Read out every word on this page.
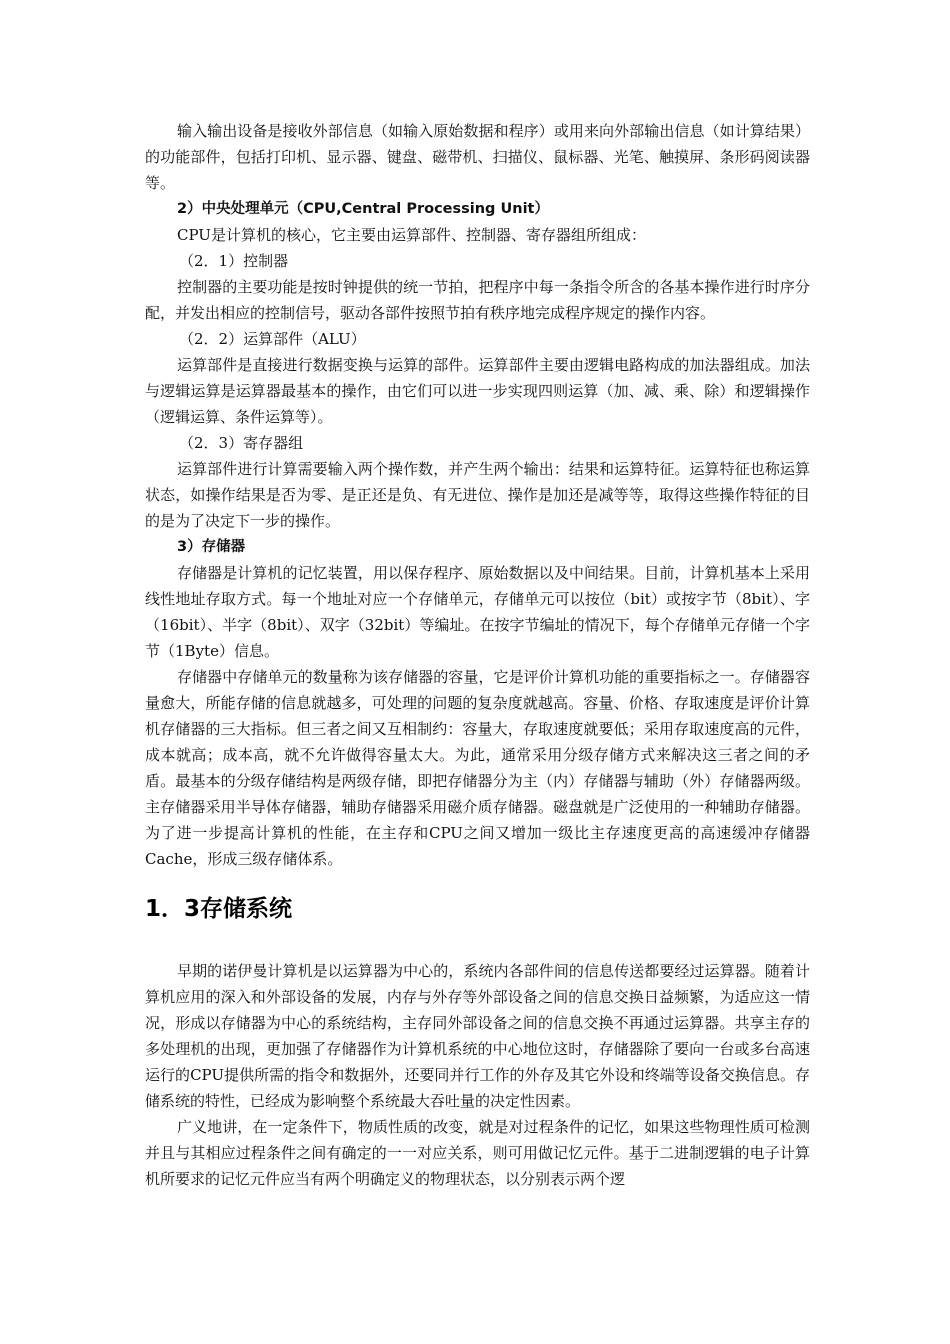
输入输出设备是接收外部信息（如输入原始数据和程序）或用来向外部输出信息（如计算结果）的功能部件，包括打印机、显示器、键盘、磁带机、扫描仪、鼠标器、光笔、触摸屏、条形码阅读器等。
2）中央处理单元（CPU,Central Processing Unit）
CPU是计算机的核心，它主要由运算部件、控制器、寄存器组所组成：
（2．1）控制器
控制器的主要功能是按时钟提供的统一节拍，把程序中每一条指令所含的各基本操作进行时序分配，并发出相应的控制信号，驱动各部件按照节拍有秩序地完成程序规定的操作内容。
（2．2）运算部件（ALU）
运算部件是直接进行数据变换与运算的部件。运算部件主要由逻辑电路构成的加法器组成。加法与逻辑运算是运算器最基本的操作，由它们可以进一步实现四则运算（加、减、乘、除）和逻辑操作（逻辑运算、条件运算等）。
（2．3）寄存器组
运算部件进行计算需要输入两个操作数，并产生两个输出：结果和运算特征。运算特征也称运算状态，如操作结果是否为零、是正还是负、有无进位、操作是加还是减等等，取得这些操作特征的目的是为了决定下一步的操作。
3）存储器
存储器是计算机的记忆装置，用以保存程序、原始数据以及中间结果。目前，计算机基本上采用线性地址存取方式。每一个地址对应一个存储单元，存储单元可以按位（bit）或按字节（8bit）、字（16bit）、半字（8bit）、双字（32bit）等编址。在按字节编址的情况下，每个存储单元存储一个字节（1Byte）信息。
存储器中存储单元的数量称为该存储器的容量，它是评价计算机功能的重要指标之一。存储器容量愈大，所能存储的信息就越多，可处理的问题的复杂度就越高。容量、价格、存取速度是评价计算机存储器的三大指标。但三者之间又互相制约：容量大，存取速度就要低；采用存取速度高的元件，成本就高；成本高，就不允许做得容量太大。为此，通常采用分级存储方式来解决这三者之间的矛盾。最基本的分级存储结构是两级存储，即把存储器分为主（内）存储器与辅助（外）存储器两级。主存储器采用半导体存储器，辅助存储器采用磁介质存储器。磁盘就是广泛使用的一种辅助存储器。为了进一步提高计算机的性能，在主存和CPU之间又增加一级比主存速度更高的高速缓冲存储器Cache，形成三级存储体系。
1．3存储系统
早期的诺伊曼计算机是以运算器为中心的，系统内各部件间的信息传送都要经过运算器。随着计算机应用的深入和外部设备的发展，内存与外存等外部设备之间的信息交换日益频繁，为适应这一情况，形成以存储器为中心的系统结构，主存同外部设备之间的信息交换不再通过运算器。共享主存的多处理机的出现，更加强了存储器作为计算机系统的中心地位这时，存储器除了要向一台或多台高速运行的CPU提供所需的指令和数据外，还要同并行工作的外存及其它外设和终端等设备交换信息。存储系统的特性，已经成为影响整个系统最大吞吐量的决定性因素。
广义地讲，在一定条件下，物质性质的改变，就是对过程条件的记忆，如果这些物理性质可检测并且与其相应过程条件之间有确定的一一对应关系，则可用做记忆元件。基于二进制逻辑的电子计算机所要求的记忆元件应当有两个明确定义的物理状态，以分别表示两个逻
